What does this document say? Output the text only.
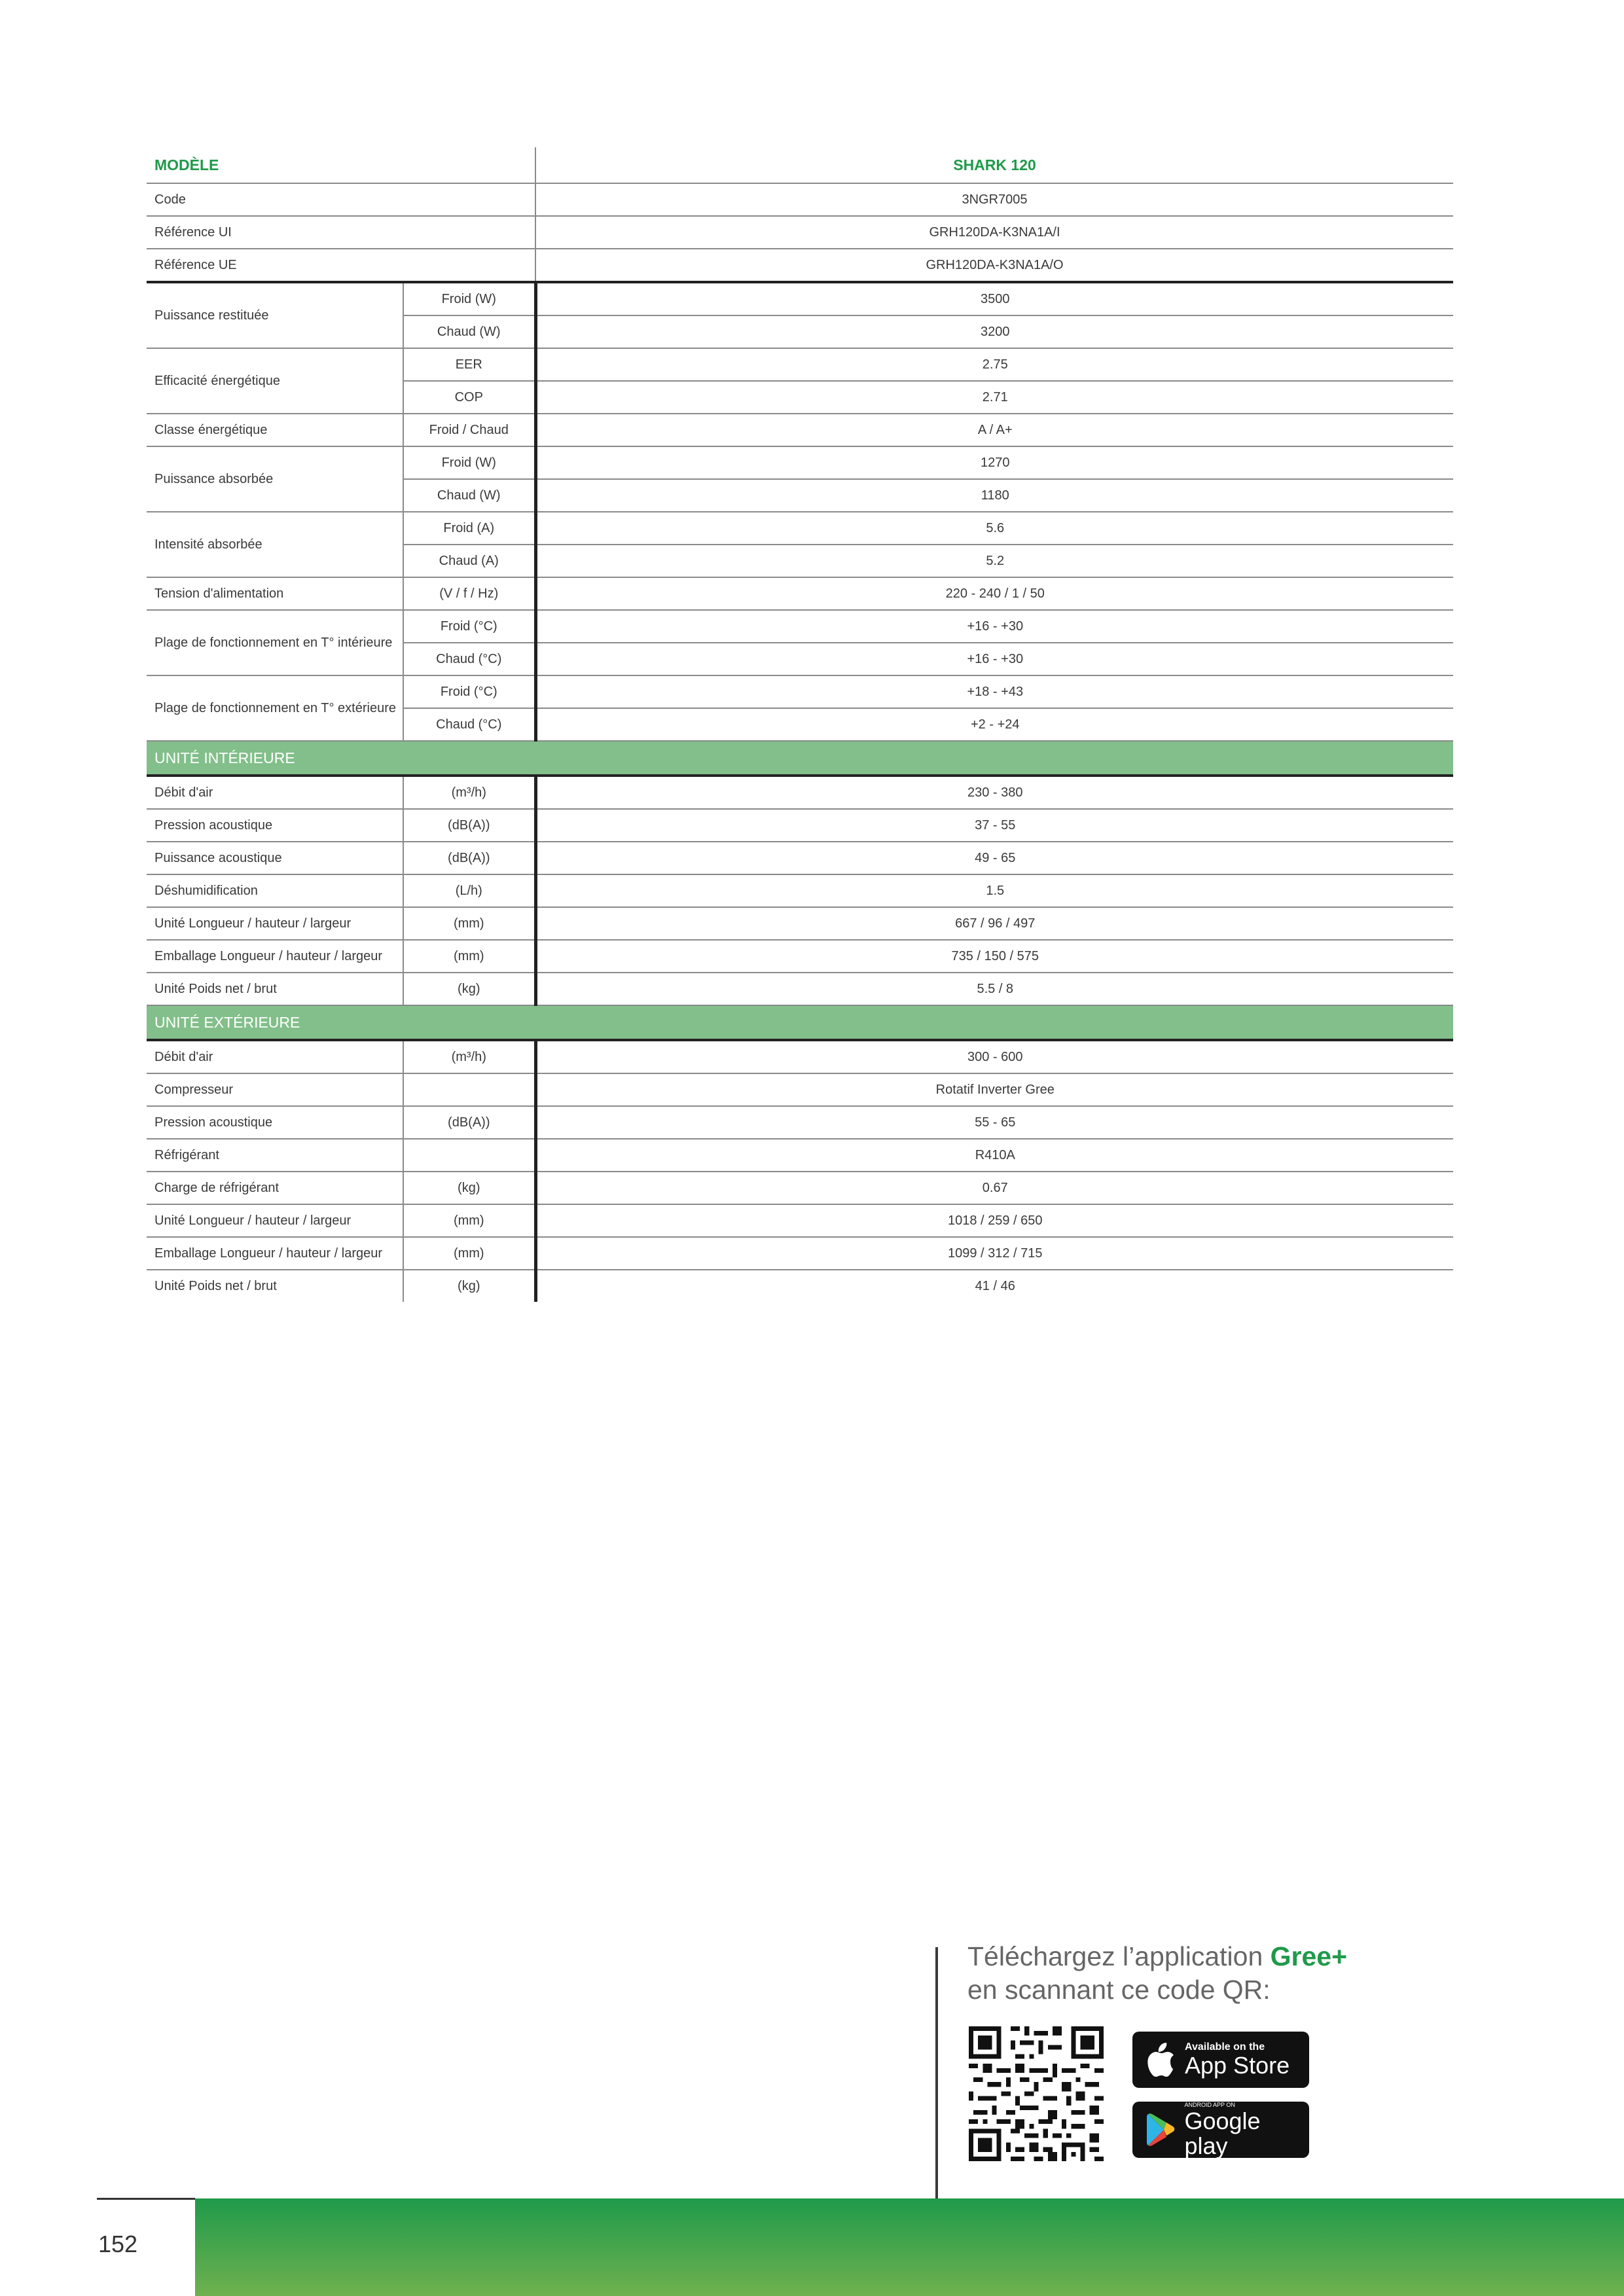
MODÈLE		SHARK 120
Code		3NGR7005
Référence UI		GRH120DA-K3NA1A/I
Référence UE		GRH120DA-K3NA1A/O
Puissance restituée	Froid (W)	3500
	Chaud (W)	3200
Efficacité énergétique	EER	2.75
	COP	2.71
Classe énergétique	Froid / Chaud	A / A+
Puissance absorbée	Froid (W)	1270
	Chaud (W)	1180
Intensité absorbée	Froid (A)	5.6
	Chaud (A)	5.2
Tension d'alimentation	(V / f / Hz)	220 - 240 / 1 / 50
Plage de fonctionnement en T° intérieure	Froid (°C)	+16 - +30
	Chaud (°C)	+16 - +30
Plage de fonctionnement en T° extérieure	Froid (°C)	+18 - +43
	Chaud (°C)	+2 - +24
UNITÉ INTÉRIEURE		
Débit d'air	(m³/h)	230 - 380
Pression acoustique	(dB(A))	37 - 55
Puissance acoustique	(dB(A))	49 - 65
Déshumidification	(L/h)	1.5
Unité Longueur / hauteur / largeur	(mm)	667 / 96 / 497
Emballage Longueur / hauteur / largeur	(mm)	735 / 150 / 575
Unité Poids net / brut	(kg)	5.5 / 8
UNITÉ EXTÉRIEURE		
Débit d'air	(m³/h)	300 - 600
Compresseur		Rotatif Inverter Gree
Pression acoustique	(dB(A))	55 - 65
Réfrigérant		R410A
Charge de réfrigérant	(kg)	0.67
Unité Longueur / hauteur / largeur	(mm)	1018 / 259 / 650
Emballage Longueur / hauteur / largeur	(mm)	1099 / 312 / 715
Unité Poids net / brut	(kg)	41 / 46
Téléchargez l’application Gree+
en scannant ce code QR:
Available on the
App Store
ANDROID APP ON
Google play
152
